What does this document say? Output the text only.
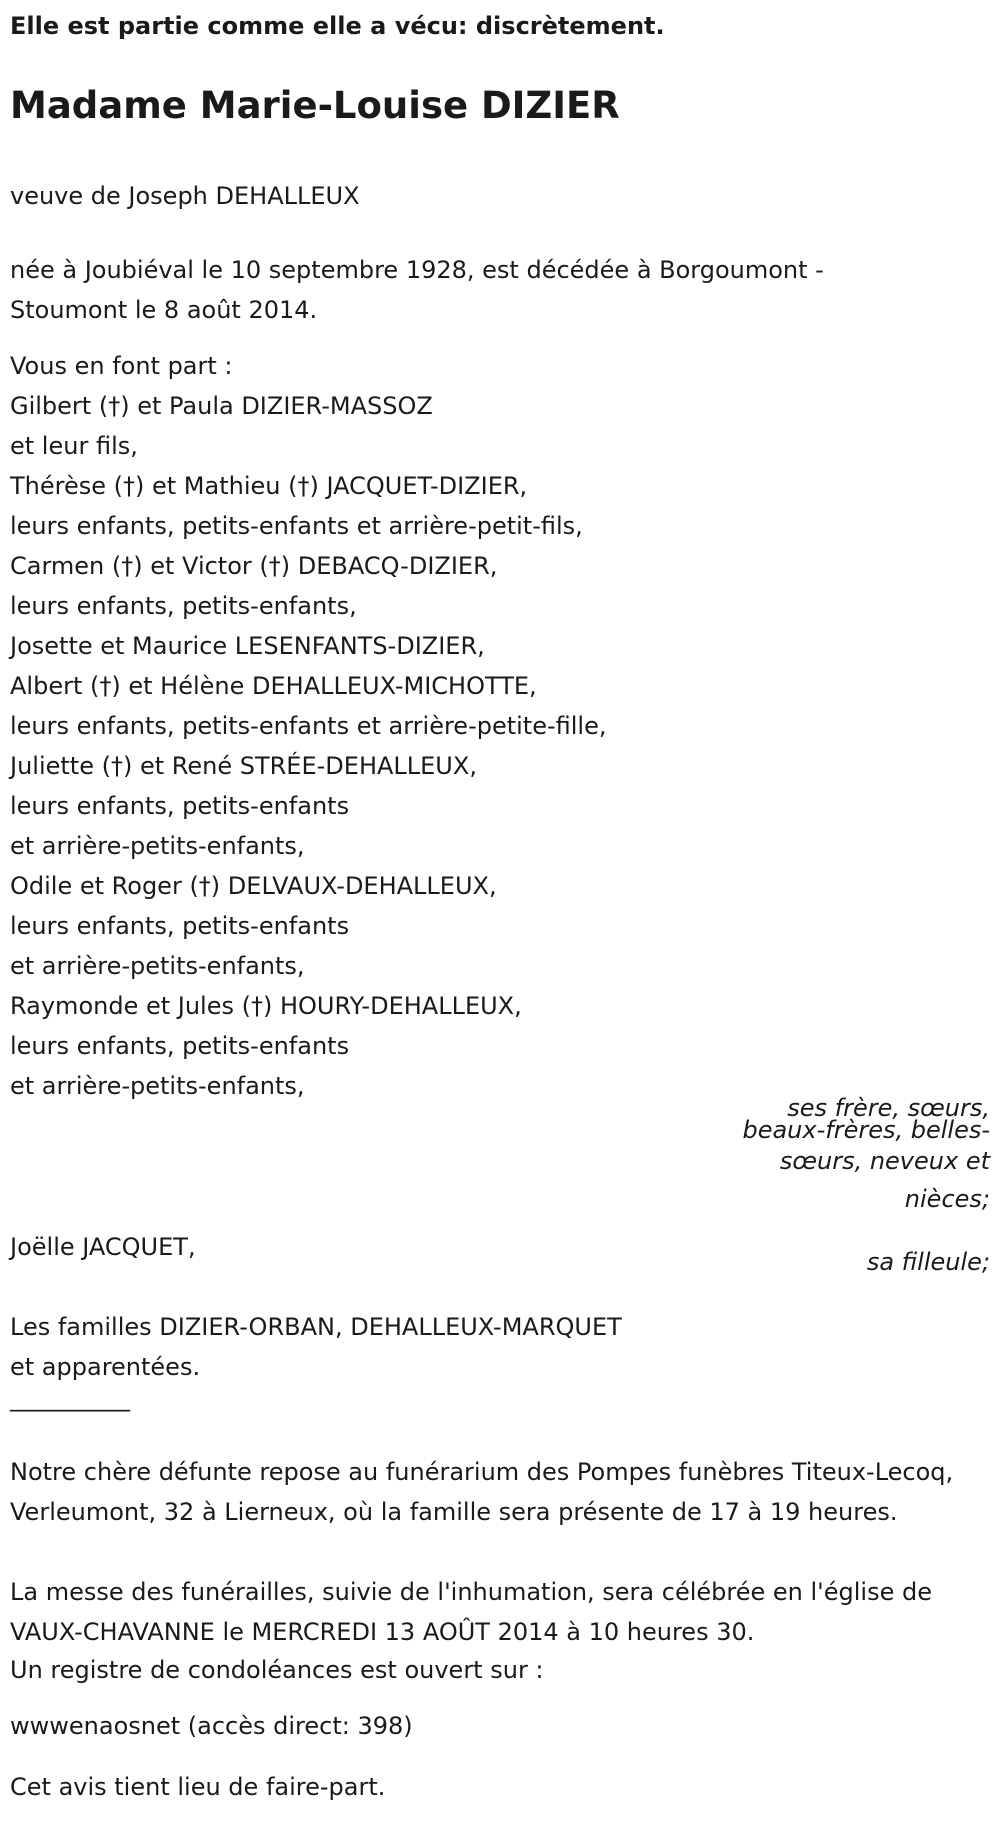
Elle est partie comme elle a vécu: discrètement.
Madame Marie-Louise DIZIER
veuve de Joseph DEHALLEUX
née à Joubiéval le 10 septembre 1928, est décédée à Borgoumont -
Stoumont le 8 août 2014.
Vous en font part :
Gilbert (†) et Paula DIZIER-MASSOZ
et leur fils,
Thérèse (†) et Mathieu (†) JACQUET-DIZIER,
leurs enfants, petits-enfants et arrière-petit-fils,
Carmen (†) et Victor (†) DEBACQ-DIZIER,
leurs enfants, petits-enfants,
Josette et Maurice LESENFANTS-DIZIER,
Albert (†) et Hélène DEHALLEUX-MICHOTTE,
leurs enfants, petits-enfants et arrière-petite-fille,
Juliette (†) et René STRÉE-DEHALLEUX,
leurs enfants, petits-enfants
et arrière-petits-enfants,
Odile et Roger (†) DELVAUX-DEHALLEUX,
leurs enfants, petits-enfants
et arrière-petits-enfants,
Raymonde et Jules (†) HOURY-DEHALLEUX,
leurs enfants, petits-enfants
et arrière-petits-enfants,
ses frère, sœurs,
beaux-frères, belles-
sœurs, neveux et
nièces;
Joëlle JACQUET,
sa filleule;
Les familles DIZIER-ORBAN, DEHALLEUX-MARQUET
et apparentées.
__________
Notre chère défunte repose au funérarium des Pompes funèbres Titeux-Lecoq, Verleumont, 32 à Lierneux, où la famille sera présente de 17 à 19 heures.
La messe des funérailles, suivie de l'inhumation, sera célébrée en l'église de VAUX-CHAVANNE le MERCREDI 13 AOÛT 2014 à 10 heures 30.
Un registre de condoléances est ouvert sur :
wwwenaosnet (accès direct: 398)
Cet avis tient lieu de faire-part.
